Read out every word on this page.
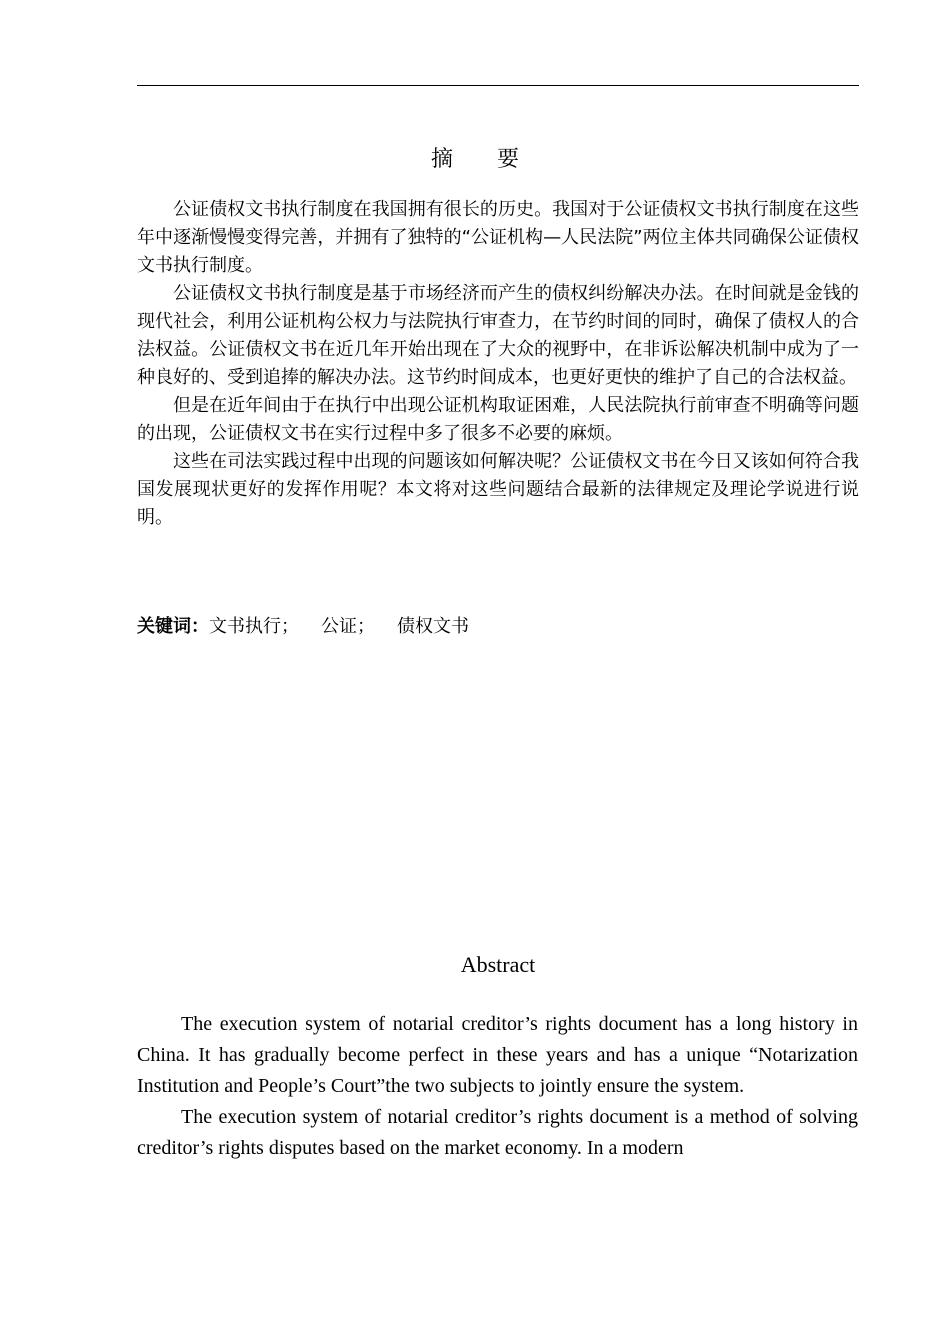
摘 要

公证债权文书执行制度在我国拥有很长的历史。我国对于公证债权文书执行制度在这些年中逐渐慢慢变得完善，并拥有了独特的“公证机构—人民法院”两位主体共同确保公证债权文书执行制度。

公证债权文书执行制度是基于市场经济而产生的债权纠纷解决办法。在时间就是金钱的现代社会，利用公证机构公权力与法院执行审查力，在节约时间的同时，确保了债权人的合法权益。公证债权文书在近几年开始出现在了大众的视野中，在非诉讼解决机制中成为了一种良好的、受到追捧的解决办法。这节约时间成本，也更好更快的维护了自己的合法权益。

但是在近年间由于在执行中出现公证机构取证困难，人民法院执行前审查不明确等问题的出现，公证债权文书在实行过程中多了很多不必要的麻烦。

这些在司法实践过程中出现的问题该如何解决呢？公证债权文书在今日又该如何符合我国发展现状更好的发挥作用呢？本文将对这些问题结合最新的法律规定及理论学说进行说明。

关键词：文书执行； 公证； 债权文书
Abstract

The execution system of notarial creditor’s rights document has a long history in China. It has gradually become perfect in these years and has a unique “Notarization Institution and People’s Court”the two subjects to jointly ensure the system.

The execution system of notarial creditor’s rights document is a method of solving creditor’s rights disputes based on the market economy. In a modern
